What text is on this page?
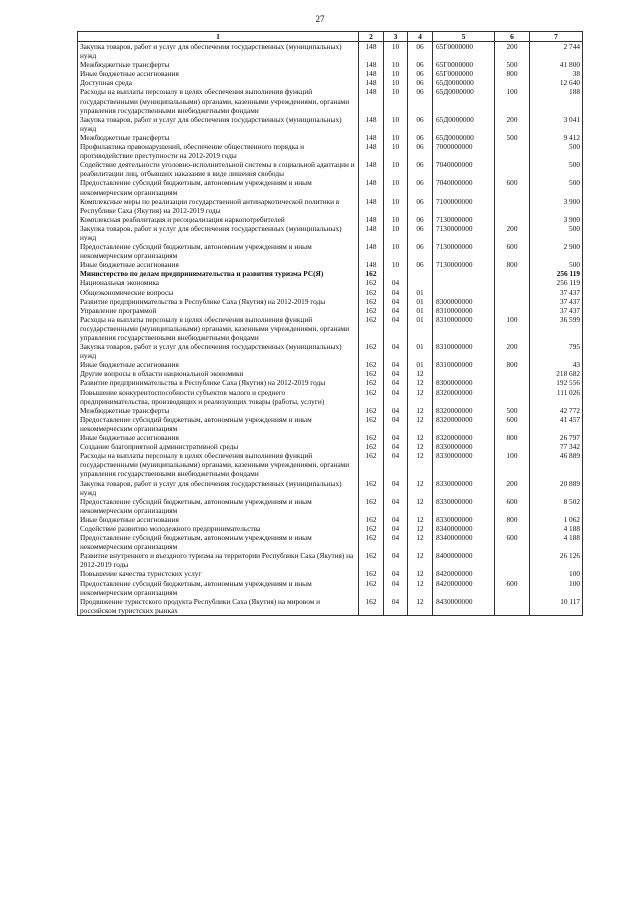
27
1	2	3	4	5	6	7
Закупка товаров, работ и услуг для обеспечения государственных (муниципальных) нужд	148	10	06	65Г0000000	200	2 744
Межбюджетные трансферты	148	10	06	65Г0000000	500	41 800
Иные бюджетные ассигнования	148	10	06	65Г0000000	800	38
Доступная среда	148	10	06	65Д0000000		12 640
Расходы на выплаты персоналу в целях обеспечения выполнения функций государственными (муниципальными) органами, казенными учреждениями, органами управления государственными внебюджетными фондами	148	10	06	65Д0000000	100	188
Закупка товаров, работ и услуг для обеспечения государственных (муниципальных) нужд	148	10	06	65Д0000000	200	3 041
Межбюджетные трансферты	148	10	06	65Д0000000	500	9 412
Профилактика правонарушений, обеспечение общественного порядка и противодействие преступности на 2012-2019 годы	148	10	06	7000000000		500
Содействие деятельности уголовно-исполнительной системы в социальной адаптации и реабилитации лиц, отбывших наказание в виде лишения свободы	148	10	06	7040000000		500
Предоставление субсидий бюджетным, автономным учреждениям и иным некоммерческим организациям	148	10	06	7040000000	600	500
Комплексные меры по реализации государственной антинаркотической политики в Республике Саха (Якутия) на 2012-2019 годы	148	10	06	7100000000		3 900
Комплексная реабилитация и ресоциализация наркопотребителей	148	10	06	7130000000		3 900
Закупка товаров, работ и услуг для обеспечения государственных (муниципальных) нужд	148	10	06	7130000000	200	500
Предоставление субсидий бюджетным, автономным учреждениям и иным некоммерческим организациям	148	10	06	7130000000	600	2 900
Иные бюджетные ассигнования	148	10	06	7130000000	800	500
Министерство по делам предпринимательства и развития туризма РС(Я)	162					256 119
Национальная экономика	162	04				256 119
Общеэкономические вопросы	162	04	01			37 437
Развитие предпринимательства в Республике Саха (Якутия) на 2012-2019 годы	162	04	01	8300000000		37 437
Управление программой	162	04	01	8310000000		37 437
Расходы на выплаты персоналу в целях обеспечения выполнения функций государственными (муниципальными) органами, казенными учреждениями, органами управления государственными внебюджетными фондами	162	04	01	8310000000	100	36 599
Закупка товаров, работ и услуг для обеспечения государственных (муниципальных) нужд	162	04	01	8310000000	200	795
Иные бюджетные ассигнования	162	04	01	8310000000	800	43
Другие вопросы в области национальной экономики	162	04	12			218 682
Развитие предпринимательства в Республике Саха (Якутия) на 2012-2019 годы	162	04	12	8300000000		192 556
Повышение конкурентоспособности субъектов малого и среднего предпринимательства, производящих и реализующих товары (работы, услуги)	162	04	12	8320000000		111 026
Межбюджетные трансферты	162	04	12	8320000000	500	42 772
Предоставление субсидий бюджетным, автономным учреждениям и иным некоммерческим организациям	162	04	12	8320000000	600	41 457
Иные бюджетные ассигнования	162	04	12	8320000000	800	26 797
Создание благоприятной административной среды	162	04	12	8330000000		77 342
Расходы на выплаты персоналу в целях обеспечения выполнения функций государственными (муниципальными) органами, казенными учреждениями, органами управления государственными внебюджетными фондами	162	04	12	8330000000	100	46 889
Закупка товаров, работ и услуг для обеспечения государственных (муниципальных) нужд	162	04	12	8330000000	200	20 889
Предоставление субсидий бюджетным, автономным учреждениям и иным некоммерческим организациям	162	04	12	8330000000	600	8 502
Иные бюджетные ассигнования	162	04	12	8330000000	800	1 062
Содействие развитию молодежного предпринимательства	162	04	12	8340000000		4 188
Предоставление субсидий бюджетным, автономным учреждениям и иным некоммерческим организациям	162	04	12	8340000000	600	4 188
Развитие внутреннего и въездного туризма на территории Республики Саха (Якутия) на 2012-2019 годы	162	04	12	8400000000		26 126
Повышение качества туристских услуг	162	04	12	8420000000		100
Предоставление субсидий бюджетным, автономным учреждениям и иным некоммерческим организациям	162	04	12	8420000000	600	100
Продвижение туристского продукта Республики Саха (Якутия) на мировом и российском туристских рынках	162	04	12	8430000000		10 117
